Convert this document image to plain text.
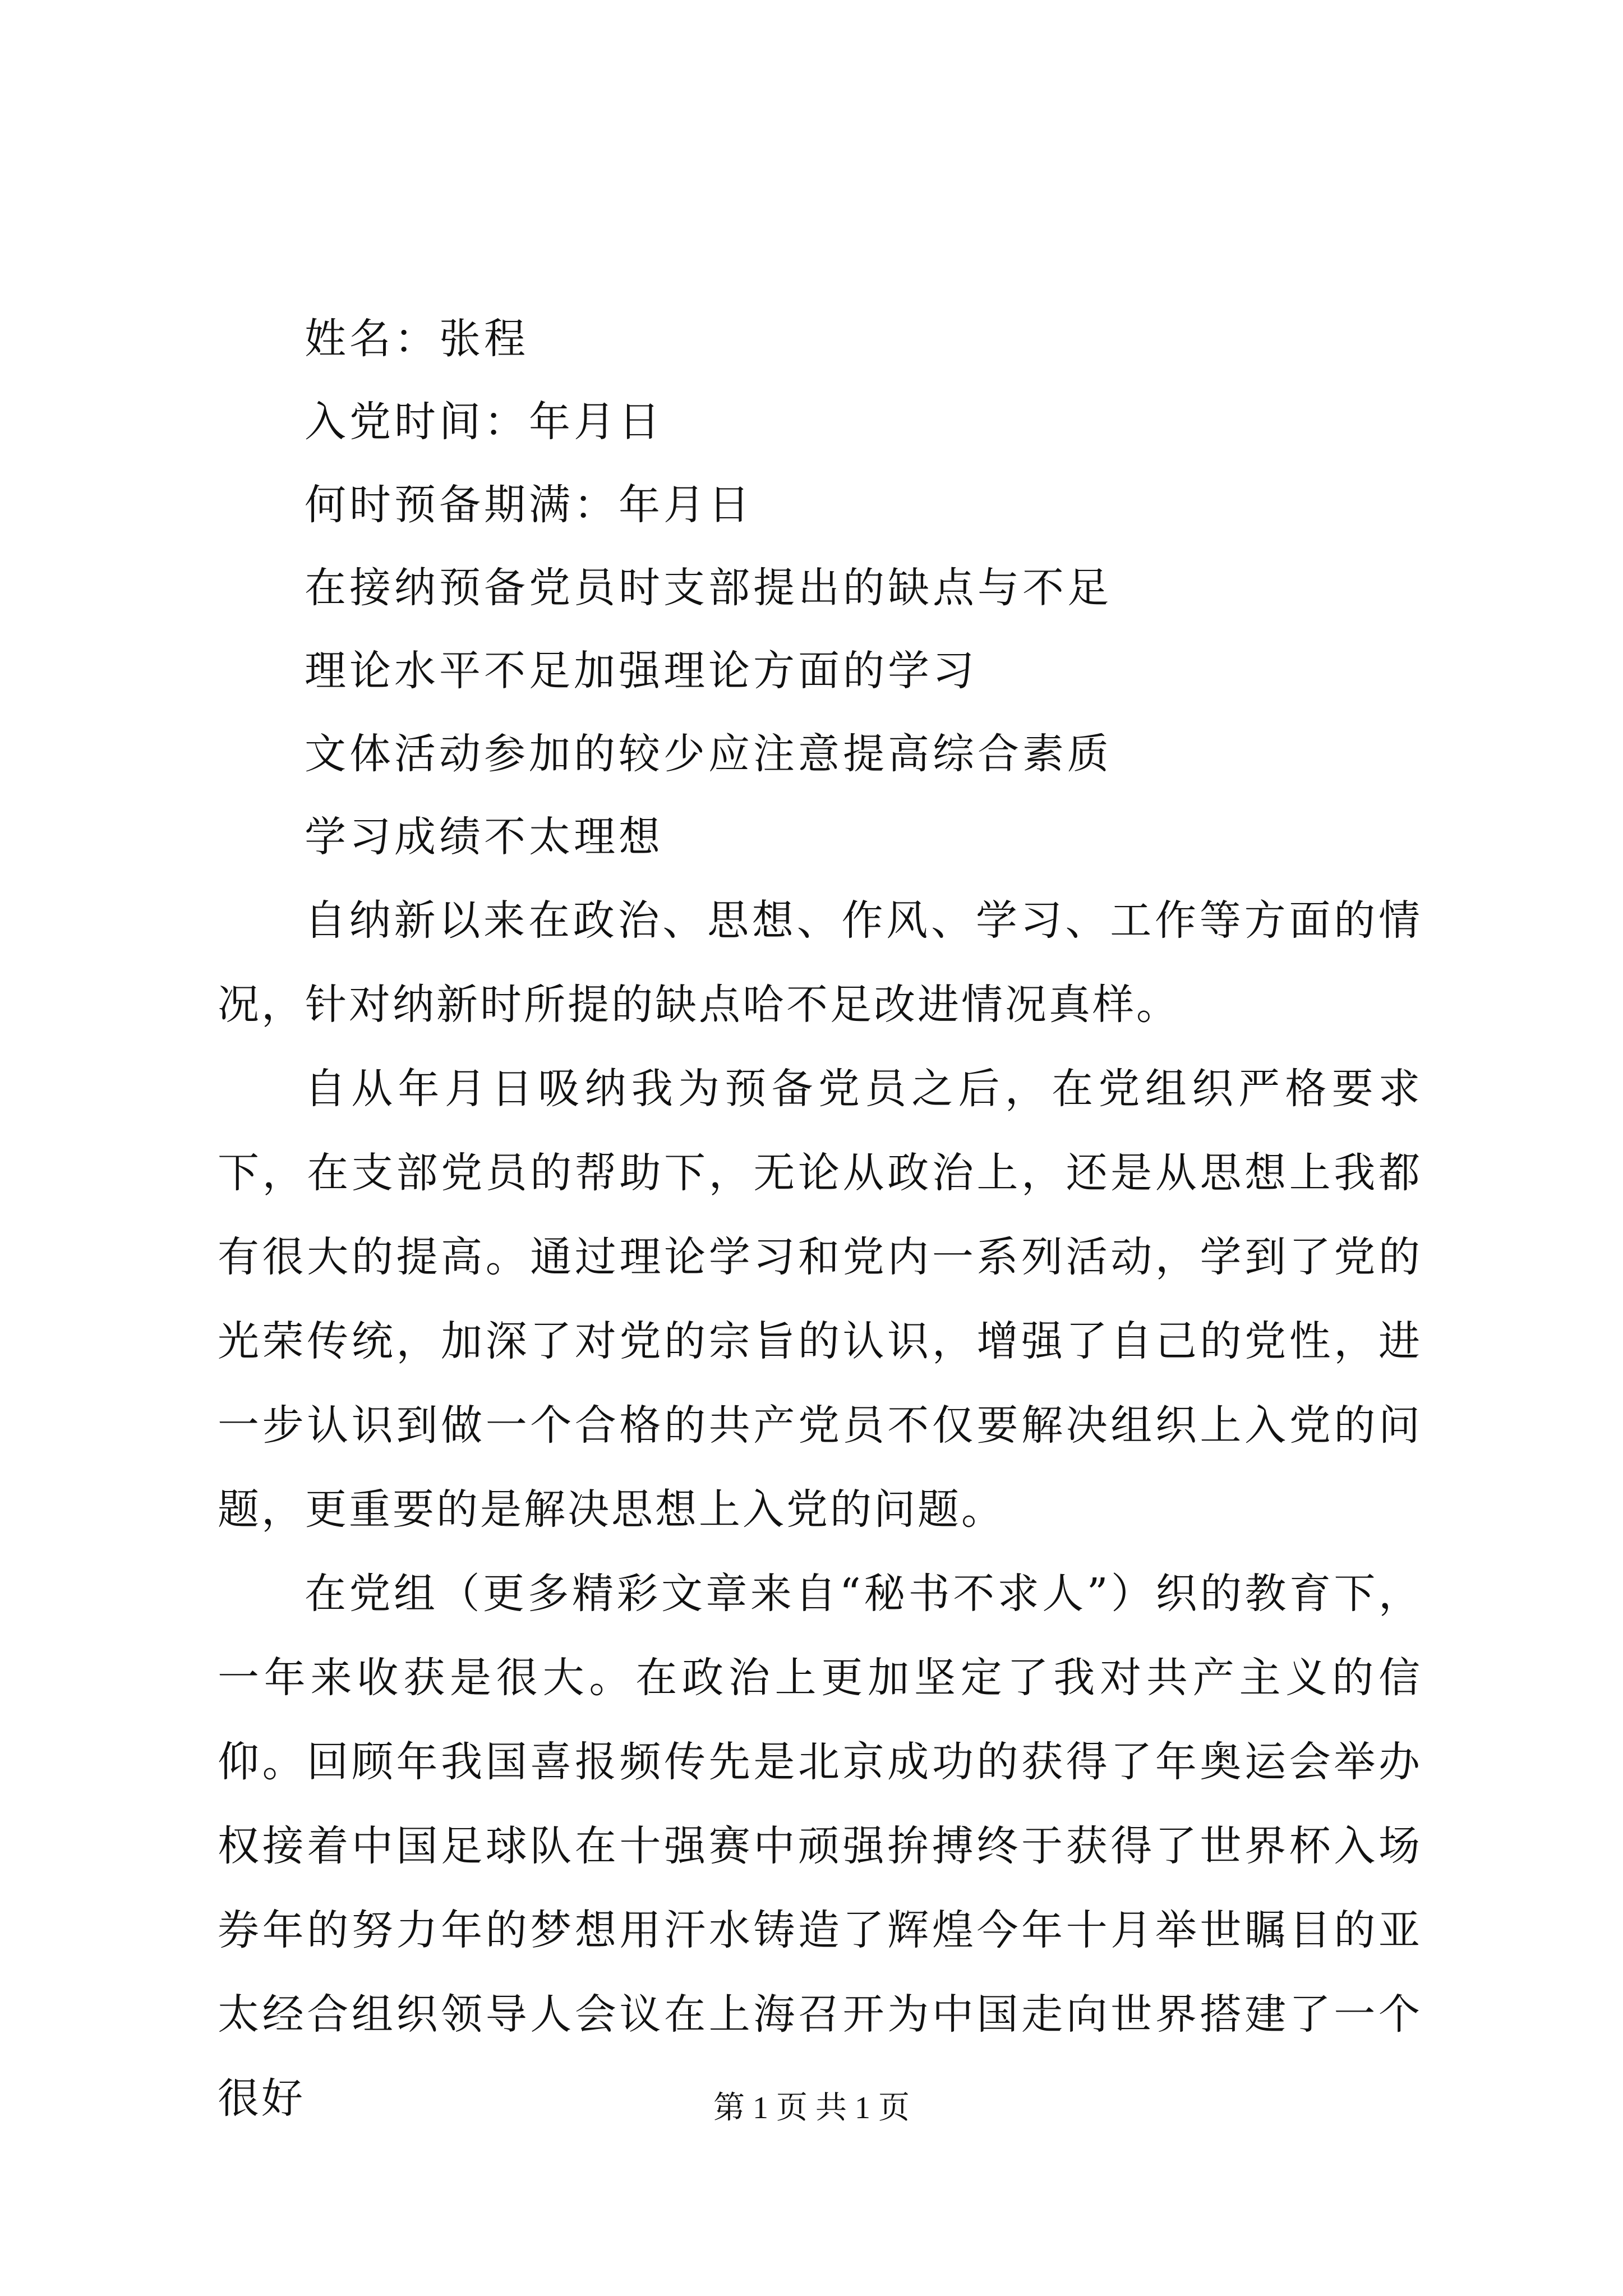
姓名：张程
入党时间：年月日
何时预备期满：年月日
在接纳预备党员时支部提出的缺点与不足
理论水平不足加强理论方面的学习
文体活动参加的较少应注意提高综合素质
学习成绩不太理想

自纳新以来在政治、思想、作风、学习、工作等方面的情况，针对纳新时所提的缺点哈不足改进情况真样。

自从年月日吸纳我为预备党员之后，在党组织严格要求下，在支部党员的帮助下，无论从政治上，还是从思想上我都有很大的提高。通过理论学习和党内一系列活动，学到了党的光荣传统，加深了对党的宗旨的认识，增强了自己的党性，进一步认识到做一个合格的共产党员不仅要解决组织上入党的问题，更重要的是解决思想上入党的问题。

在党组（更多精彩文章来自“秘书不求人”）织的教育下，一年来收获是很大。在政治上更加坚定了我对共产主义的信仰。回顾年我国喜报频传先是北京成功的获得了年奥运会举办权接着中国足球队在十强赛中顽强拚搏终于获得了世界杯入场券年的努力年的梦想用汗水铸造了辉煌今年十月举世瞩目的亚太经合组织领导人会议在上海召开为中国走向世界搭建了一个很好	第 1 页 共 1 页
